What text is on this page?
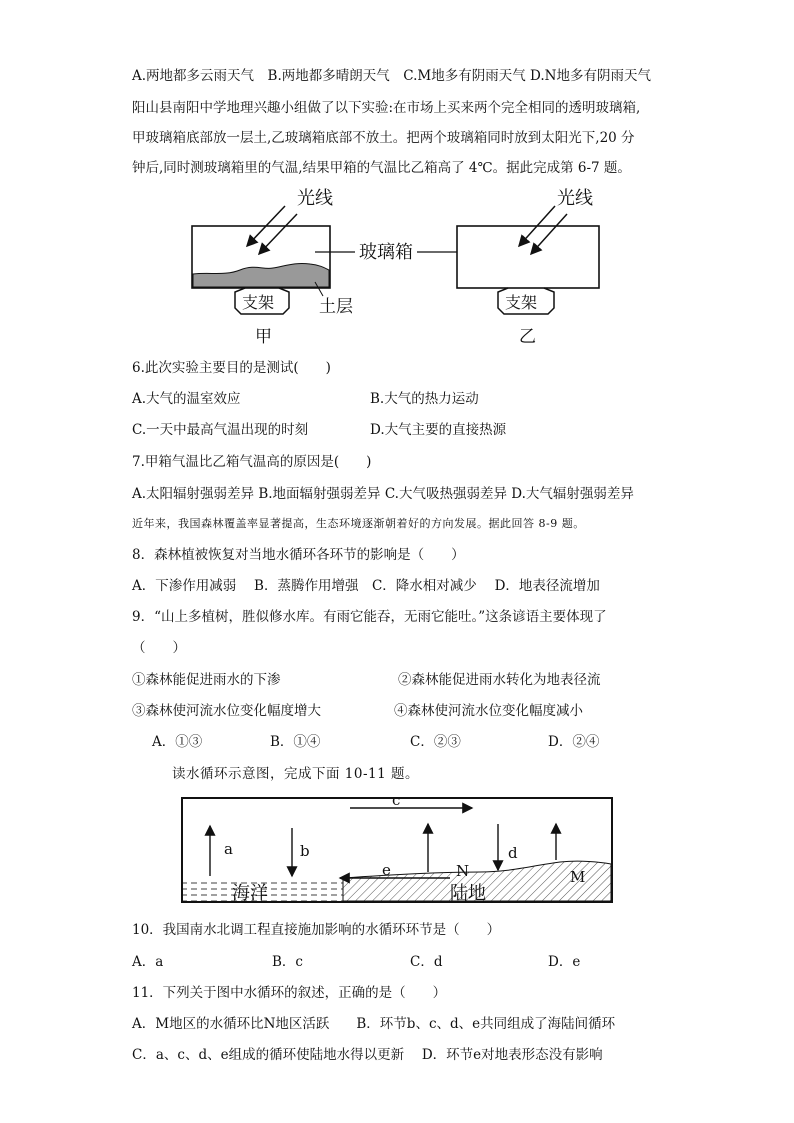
A.两地都多云雨天气　B.两地都多晴朗天气　C.M地多有阴雨天气 D.N地多有阴雨天气
阳山县南阳中学地理兴趣小组做了以下实验:在市场上买来两个完全相同的透明玻璃箱,
甲玻璃箱底部放一层土,乙玻璃箱底部不放土。把两个玻璃箱同时放到太阳光下,20 分
钟后,同时测玻璃箱里的气温,结果甲箱的气温比乙箱高了 4℃。据此完成第 6-7 题。
光线
支架	土层
甲
玻璃箱
光线
支架
乙
6.此次实验主要目的是测试(　　)
A.大气的温室效应	B.大气的热力运动
C.一天中最高气温出现的时刻	D.大气主要的直接热源
7.甲箱气温比乙箱气温高的原因是(　　)
A.太阳辐射强弱差异 B.地面辐射强弱差异 C.大气吸热强弱差异 D.大气辐射强弱差异
近年来，我国森林覆盖率显著提高，生态环境逐渐朝着好的方向发展。据此回答 8-9 题。
8．森林植被恢复对当地水循环各环节的影响是（　　）
A．下渗作用减弱　 B．蒸腾作用增强　C．降水相对减少　 D．地表径流增加
9．“山上多植树，胜似修水库。有雨它能吞，无雨它能吐。”这条谚语主要体现了
（　　）
①森林能促进雨水的下渗	②森林能促进雨水转化为地表径流
③森林使河流水位变化幅度增大	④森林使河流水位变化幅度减小
A．①③	B．①④	C．②③	D．②④
读水循环示意图，完成下面 10-11 题。
a	b
c
d
e	N	M
海洋	陆地
10．我国南水北调工程直接施加影响的水循环环节是（　　）
A．a	B．c	C．d	D．e
11．下列关于图中水循环的叙述，正确的是（　　）
A．M地区的水循环比N地区活跃　　B．环节b、c、d、e共同组成了海陆间循环
C．a、c、d、e组成的循环使陆地水得以更新　 D．环节e对地表形态没有影响
